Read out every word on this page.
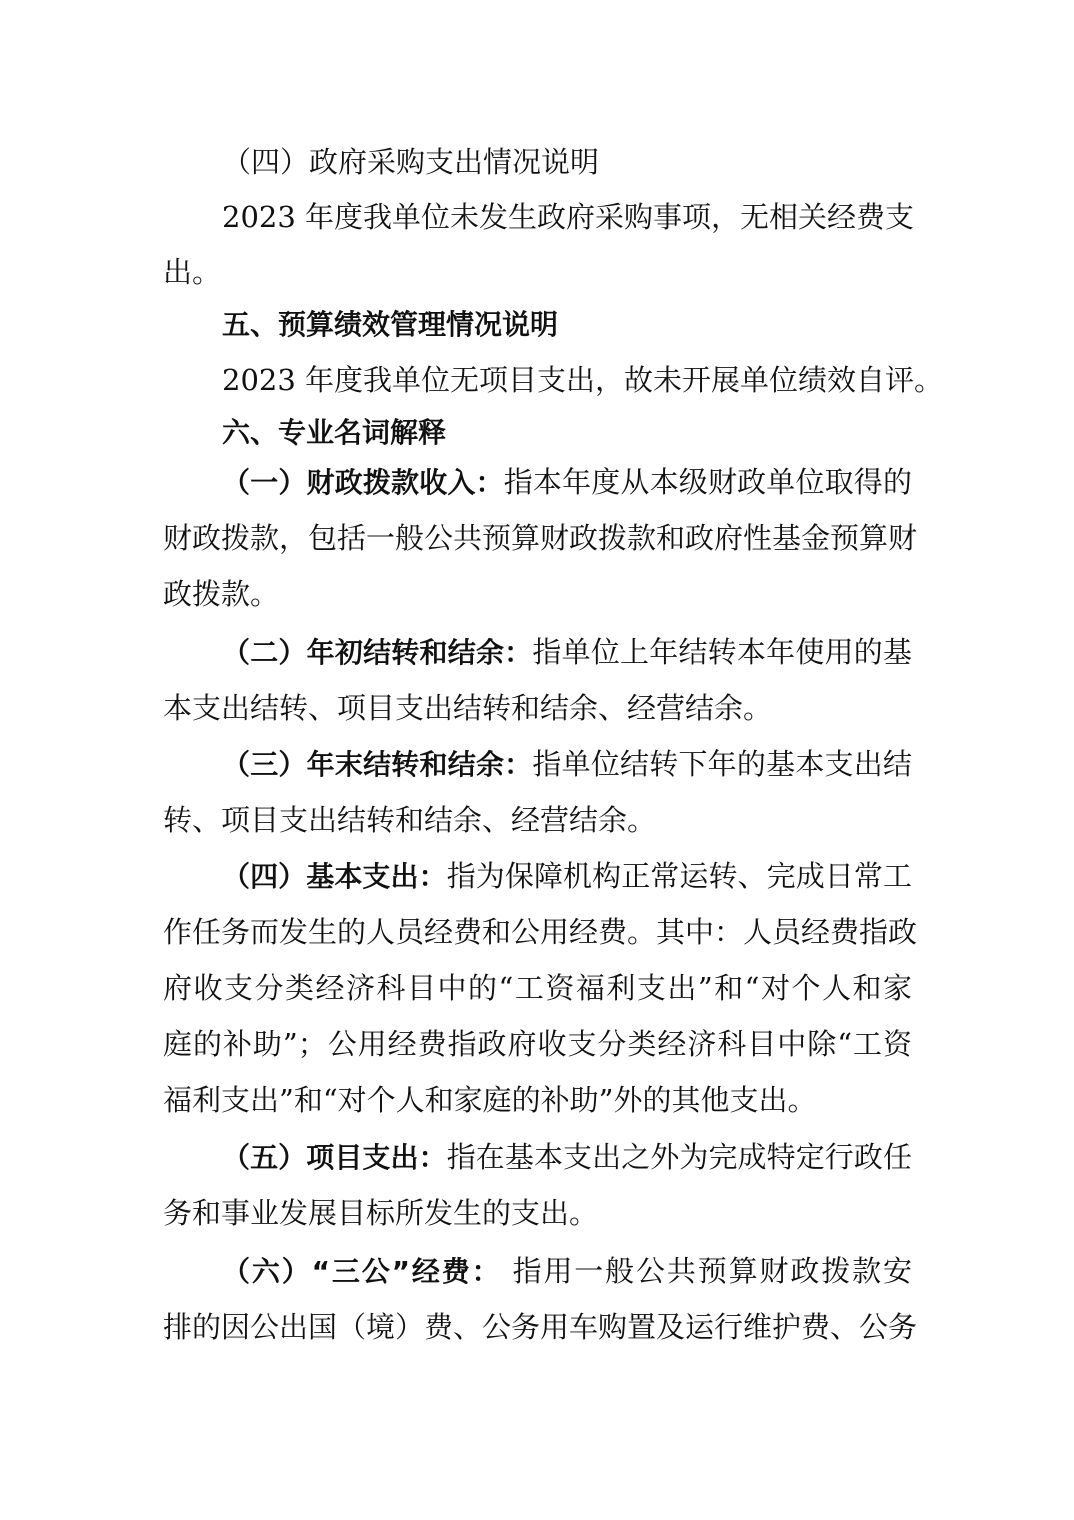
（四）政府采购支出情况说明

2023 年度我单位未发生政府采购事项，无相关经费支

出。

五、预算绩效管理情况说明

2023 年度我单位无项目支出，故未开展单位绩效自评。

六、专业名词解释

（一）财政拨款收入：指本年度从本级财政单位取得的

财政拨款，包括一般公共预算财政拨款和政府性基金预算财

政拨款。

（二）年初结转和结余：指单位上年结转本年使用的基

本支出结转、项目支出结转和结余、经营结余。

（三）年末结转和结余：指单位结转下年的基本支出结

转、项目支出结转和结余、经营结余。

（四）基本支出：指为保障机构正常运转、完成日常工

作任务而发生的人员经费和公用经费。其中：人员经费指政

府收支分类经济科目中的“工资福利支出”和“对个人和家

庭的补助”；公用经费指政府收支分类经济科目中除“工资

福利支出”和“对个人和家庭的补助”外的其他支出。

（五）项目支出：指在基本支出之外为完成特定行政任

务和事业发展目标所发生的支出。

（六）“三公”经费： 指用一般公共预算财政拨款安

排的因公出国（境）费、公务用车购置及运行维护费、公务
